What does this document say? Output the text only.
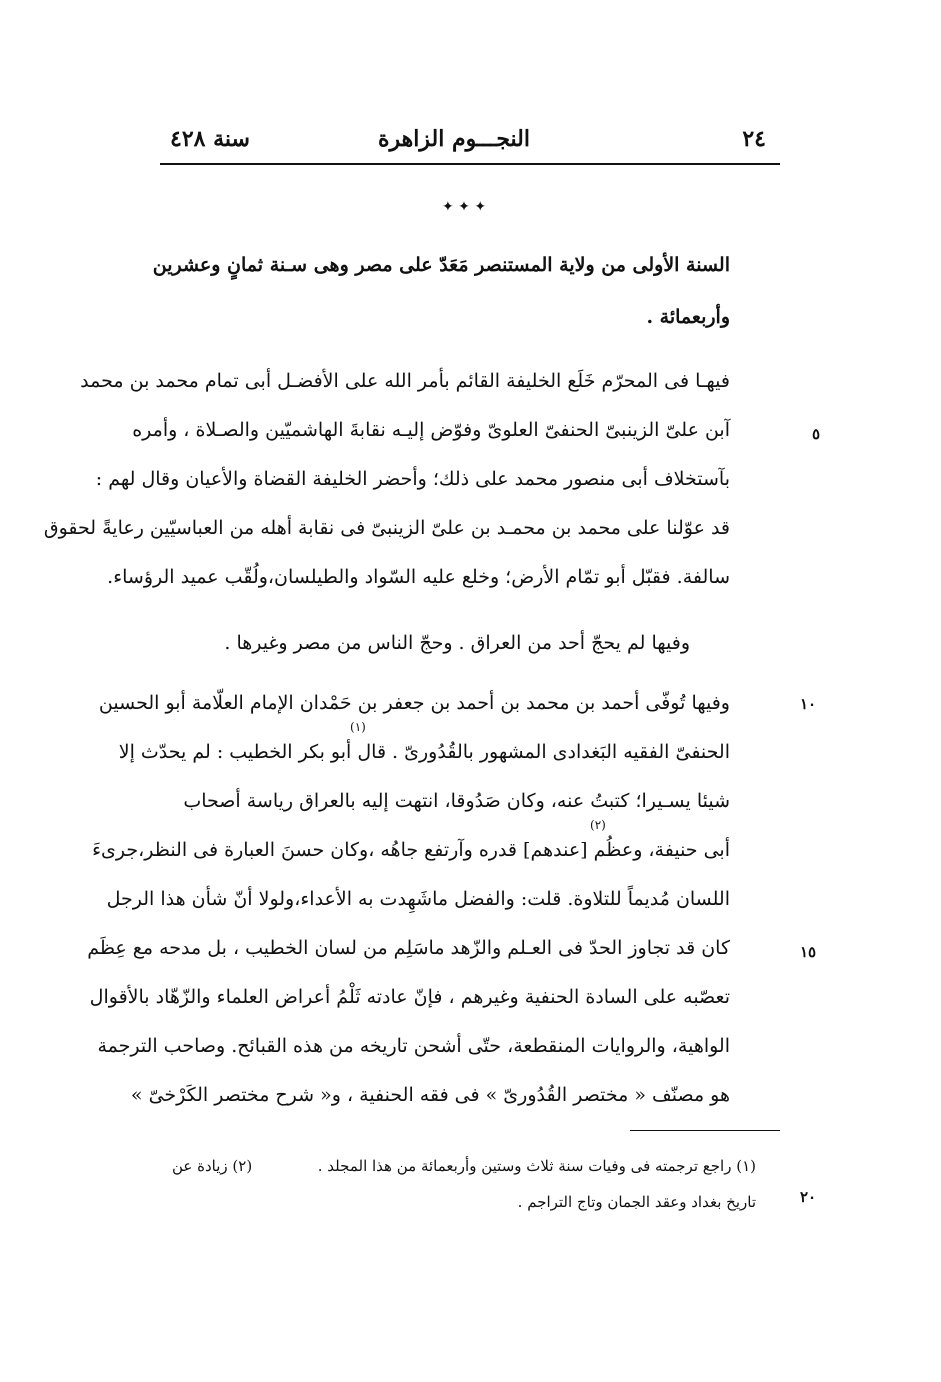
٢٤
النجـــوم الزاهرة
سنة ٤٢٨
✦ ✦ ✦
السنة الأولى من ولاية المستنصر مَعَدّ على مصر وهى سـنة ثمانٍ وعشرين
وأربعمائة .
فيهـا فى المحرّم خَلَع الخليفة القائم بأمر الله على الأفضـل أبى تمام محمد بن محمد
آبن علىّ الزينبىّ الحنفىّ العلوىّ وفوّض إليـه نقابةَ الهاشميّين والصـلاة ، وأمره
بآستخلاف أبى منصور محمد على ذلك؛ وأحضر الخليفة القضاة والأعيان وقال لهم :
قد عوّلنا على محمد بن محمـد بن علىّ الزينبىّ فى نقابة أهله من العباسيّين رعايةً لحقوق
سالفة. فقبّل أبو تمّام الأرض؛ وخلع عليه السّواد والطيلسان،ولُقّب عميد الرؤساء.
وفيها لم يحجّ أحد من العراق . وحجّ الناس من مصر وغيرها .
وفيها تُوفّى أحمد بن محمد بن أحمد بن جعفر بن حَمْدان الإمام العلّامة أبو الحسين
الحنفىّ الفقيه البَغدادى المشهور بالقُدُورىّ . قال أبو بكر الخطيب : لم يحدّث إلا
شيئا يسـيرا؛ كتبتُ عنه، وكان صَدُوقا، انتهت إليه بالعراق رياسة أصحاب
أبى حنيفة، وعظُم [عندهم] قدره وآرتفع جاهُه ،وكان حسنَ العبارة فى النظر،جرىءَ
اللسان مُديماً للتلاوة. قلت: والفضل ماشَهِدت به الأعداء،ولولا أنّ شأن هذا الرجل
كان قد تجاوز الحدّ فى العـلم والزّهد ماسَلِم من لسان الخطيب ، بل مدحه مع عِظَم
تعصّبه على السادة الحنفية وغيرهم ، فإنّ عادته ثَلْمُ أعراض العلماء والزّهّاد بالأقوال
الواهية، والروايات المنقطعة، حتّى أشحن تاريخه من هذه القبائح. وصاحب الترجمة
هو مصنّف « مختصر القُدُورىّ » فى فقه الحنفية ، و« شرح مختصر الكَرْخىّ »
(١)
(٢)
٥
١٠
١٥
٢٠
(١) راجع ترجمته فى وفيات سنة ثلاث وستين وأربعمائة من هذا المجلد .
(٢) زيادة عن
تاريخ بغداد وعقد الجمان وتاج التراجم .
